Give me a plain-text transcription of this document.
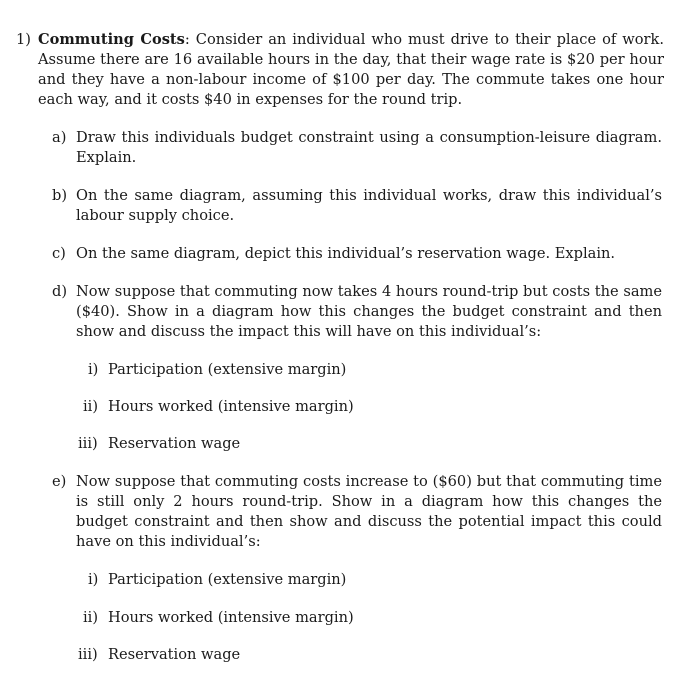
1) Commuting Costs: Consider an individual who must drive to their place of work. Assume there are 16 available hours in the day, that their wage rate is $20 per hour and they have a non-labour income of $100 per day. The commute takes one hour each way, and it costs $40 in expenses for the round trip.
a) Draw this individuals budget constraint using a consumption-leisure diagram. Explain.
b) On the same diagram, assuming this individual works, draw this individual’s labour supply choice.
c) On the same diagram, depict this individual’s reservation wage. Explain.
d) Now suppose that commuting now takes 4 hours round-trip but costs the same ($40). Show in a diagram how this changes the budget constraint and then show and discuss the impact this will have on this individual’s:
i) Participation (extensive margin)
ii) Hours worked (intensive margin)
iii) Reservation wage
e) Now suppose that commuting costs increase to ($60) but that commuting time is still only 2 hours round-trip. Show in a diagram how this changes the budget constraint and then show and discuss the potential impact this could have on this individual’s:
i) Participation (extensive margin)
ii) Hours worked (intensive margin)
iii) Reservation wage
